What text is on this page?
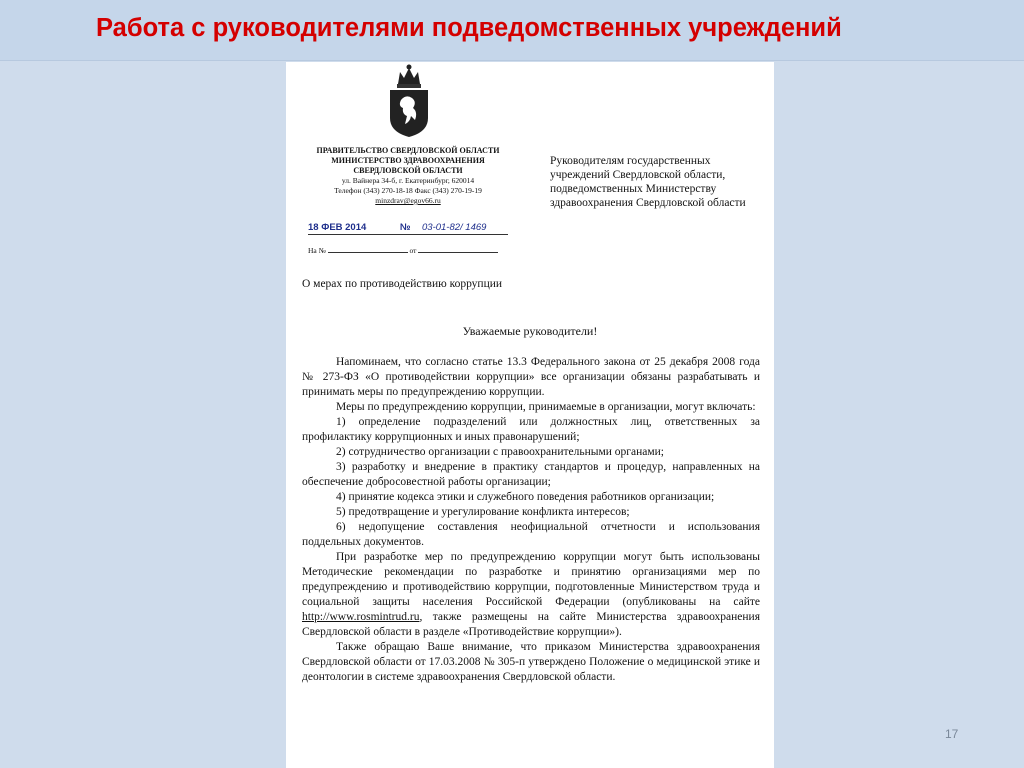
Работа с руководителями подведомственных учреждений
ПРАВИТЕЛЬСТВО СВЕРДЛОВСКОЙ ОБЛАСТИ
МИНИСТЕРСТВО ЗДРАВООХРАНЕНИЯ
СВЕРДЛОВСКОЙ ОБЛАСТИ
ул. Вайнера 34-б, г. Екатеринбург, 620014
Телефон (343) 270-18-18 Факс (343) 270-19-19
minzdrav@egov66.ru
18 ФЕВ 2014	№ 03-01-82/ 1469
На №	от
Руководителям государственных учреждений Свердловской области, подведомственных Министерству здравоохранения Свердловской области
О мерах по противодействию коррупции
Уважаемые руководители!

Напоминаем, что согласно статье 13.3 Федерального закона от 25 декабря 2008 года № 273-ФЗ «О противодействии коррупции» все организации обязаны разрабатывать и принимать меры по предупреждению коррупции.

Меры по предупреждению коррупции, принимаемые в организации, могут включать:

1) определение подразделений или должностных лиц, ответственных за профилактику коррупционных и иных правонарушений;

2) сотрудничество организации с правоохранительными органами;

3) разработку и внедрение в практику стандартов и процедур, направленных на обеспечение добросовестной работы организации;

4) принятие кодекса этики и служебного поведения работников организации;

5) предотвращение и урегулирование конфликта интересов;

6) недопущение составления неофициальной отчетности и использования поддельных документов.

При разработке мер по предупреждению коррупции могут быть использованы Методические рекомендации по разработке и принятию организациями мер по предупреждению и противодействию коррупции, подготовленные Министерством труда и социальной защиты населения Российской Федерации (опубликованы на сайте http://www.rosmintrud.ru, также размещены на сайте Министерства здравоохранения Свердловской области в разделе «Противодействие коррупции»).

Также обращаю Ваше внимание, что приказом Министерства здравоохранения Свердловской области от 17.03.2008 № 305-п утверждено Положение о медицинской этике и деонтологии в системе здравоохранения Свердловской области.

17
